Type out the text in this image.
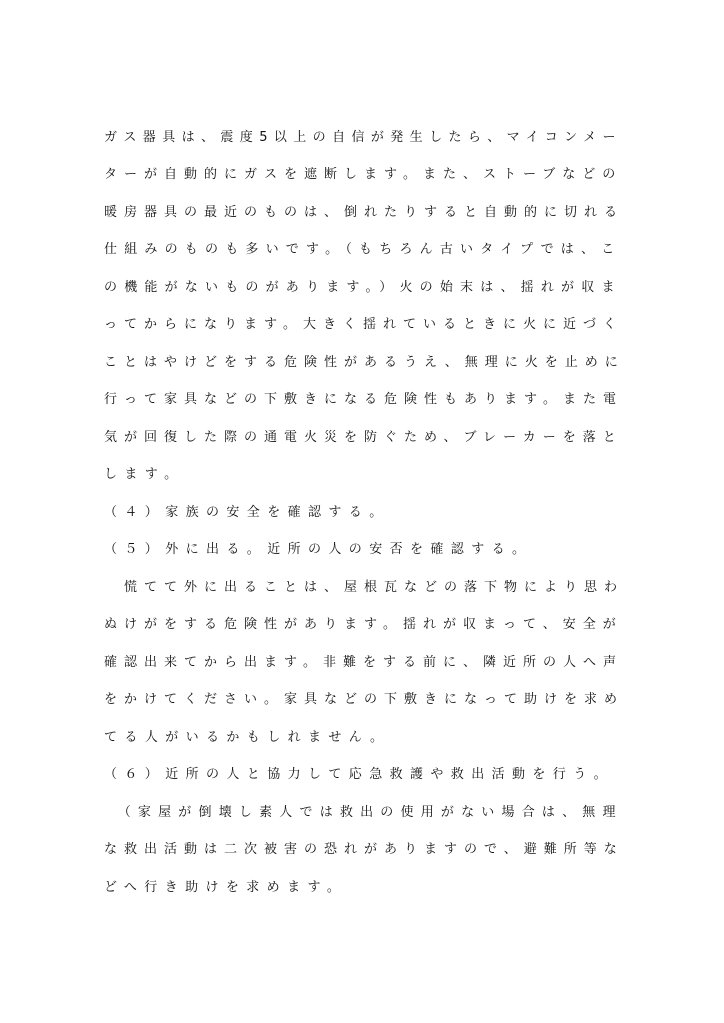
ガス器具は、震度5以上の自信が発生したら、マイコンメー
ターが自動的にガスを遮断します。また、ストーブなどの
暖房器具の最近のものは、倒れたりすると自動的に切れる
仕組みのものも多いです。（もちろん古いタイプでは、こ
の機能がないものがあります。）火の始末は、揺れが収ま
ってからになります。大きく揺れているときに火に近づく
ことはやけどをする危険性があるうえ、無理に火を止めに
行って家具などの下敷きになる危険性もあります。また電
気が回復した際の通電火災を防ぐため、ブレーカーを落と
します。
（４）家族の安全を確認する。
（５）外に出る。近所の人の安否を確認する。
　慌てて外に出ることは、屋根瓦などの落下物により思わ
ぬけがをする危険性があります。揺れが収まって、安全が
確認出来てから出ます。非難をする前に、隣近所の人へ声
をかけてください。家具などの下敷きになって助けを求め
てる人がいるかもしれません。
（６）近所の人と協力して応急救護や救出活動を行う。
　（家屋が倒壊し素人では救出の使用がない場合は、無理
な救出活動は二次被害の恐れがありますので、避難所等な
どへ行き助けを求めます。
